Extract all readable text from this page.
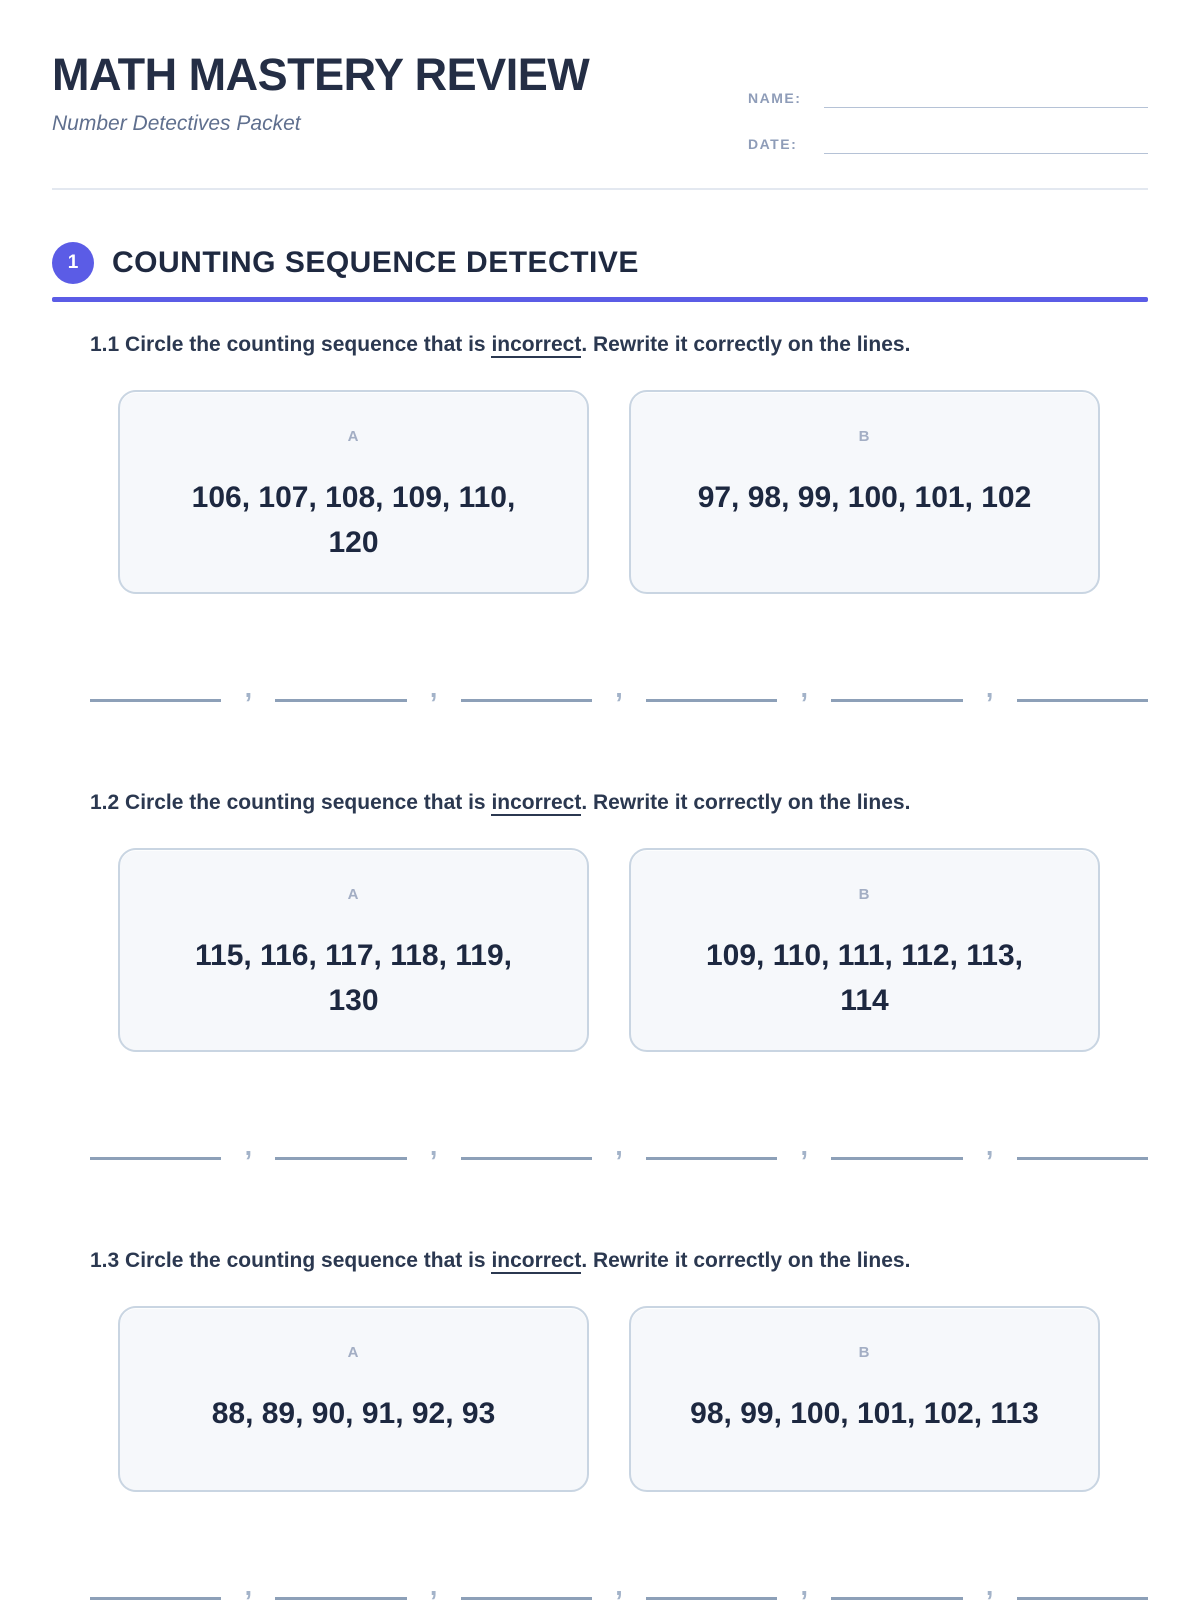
MATH MASTERY REVIEW
Number Detectives Packet
NAME:
DATE:
1	COUNTING SEQUENCE DETECTIVE
1.1 Circle the counting sequence that is incorrect. Rewrite it correctly on the lines.
A
106, 107, 108, 109, 110, 120
B
97, 98, 99, 100, 101, 102
,	,	,	,	,
1.2 Circle the counting sequence that is incorrect. Rewrite it correctly on the lines.
A
115, 116, 117, 118, 119, 130
B
109, 110, 111, 112, 113, 114
,	,	,	,	,
1.3 Circle the counting sequence that is incorrect. Rewrite it correctly on the lines.
A
88, 89, 90, 91, 92, 93
B
98, 99, 100, 101, 102, 113
,	,	,	,	,
